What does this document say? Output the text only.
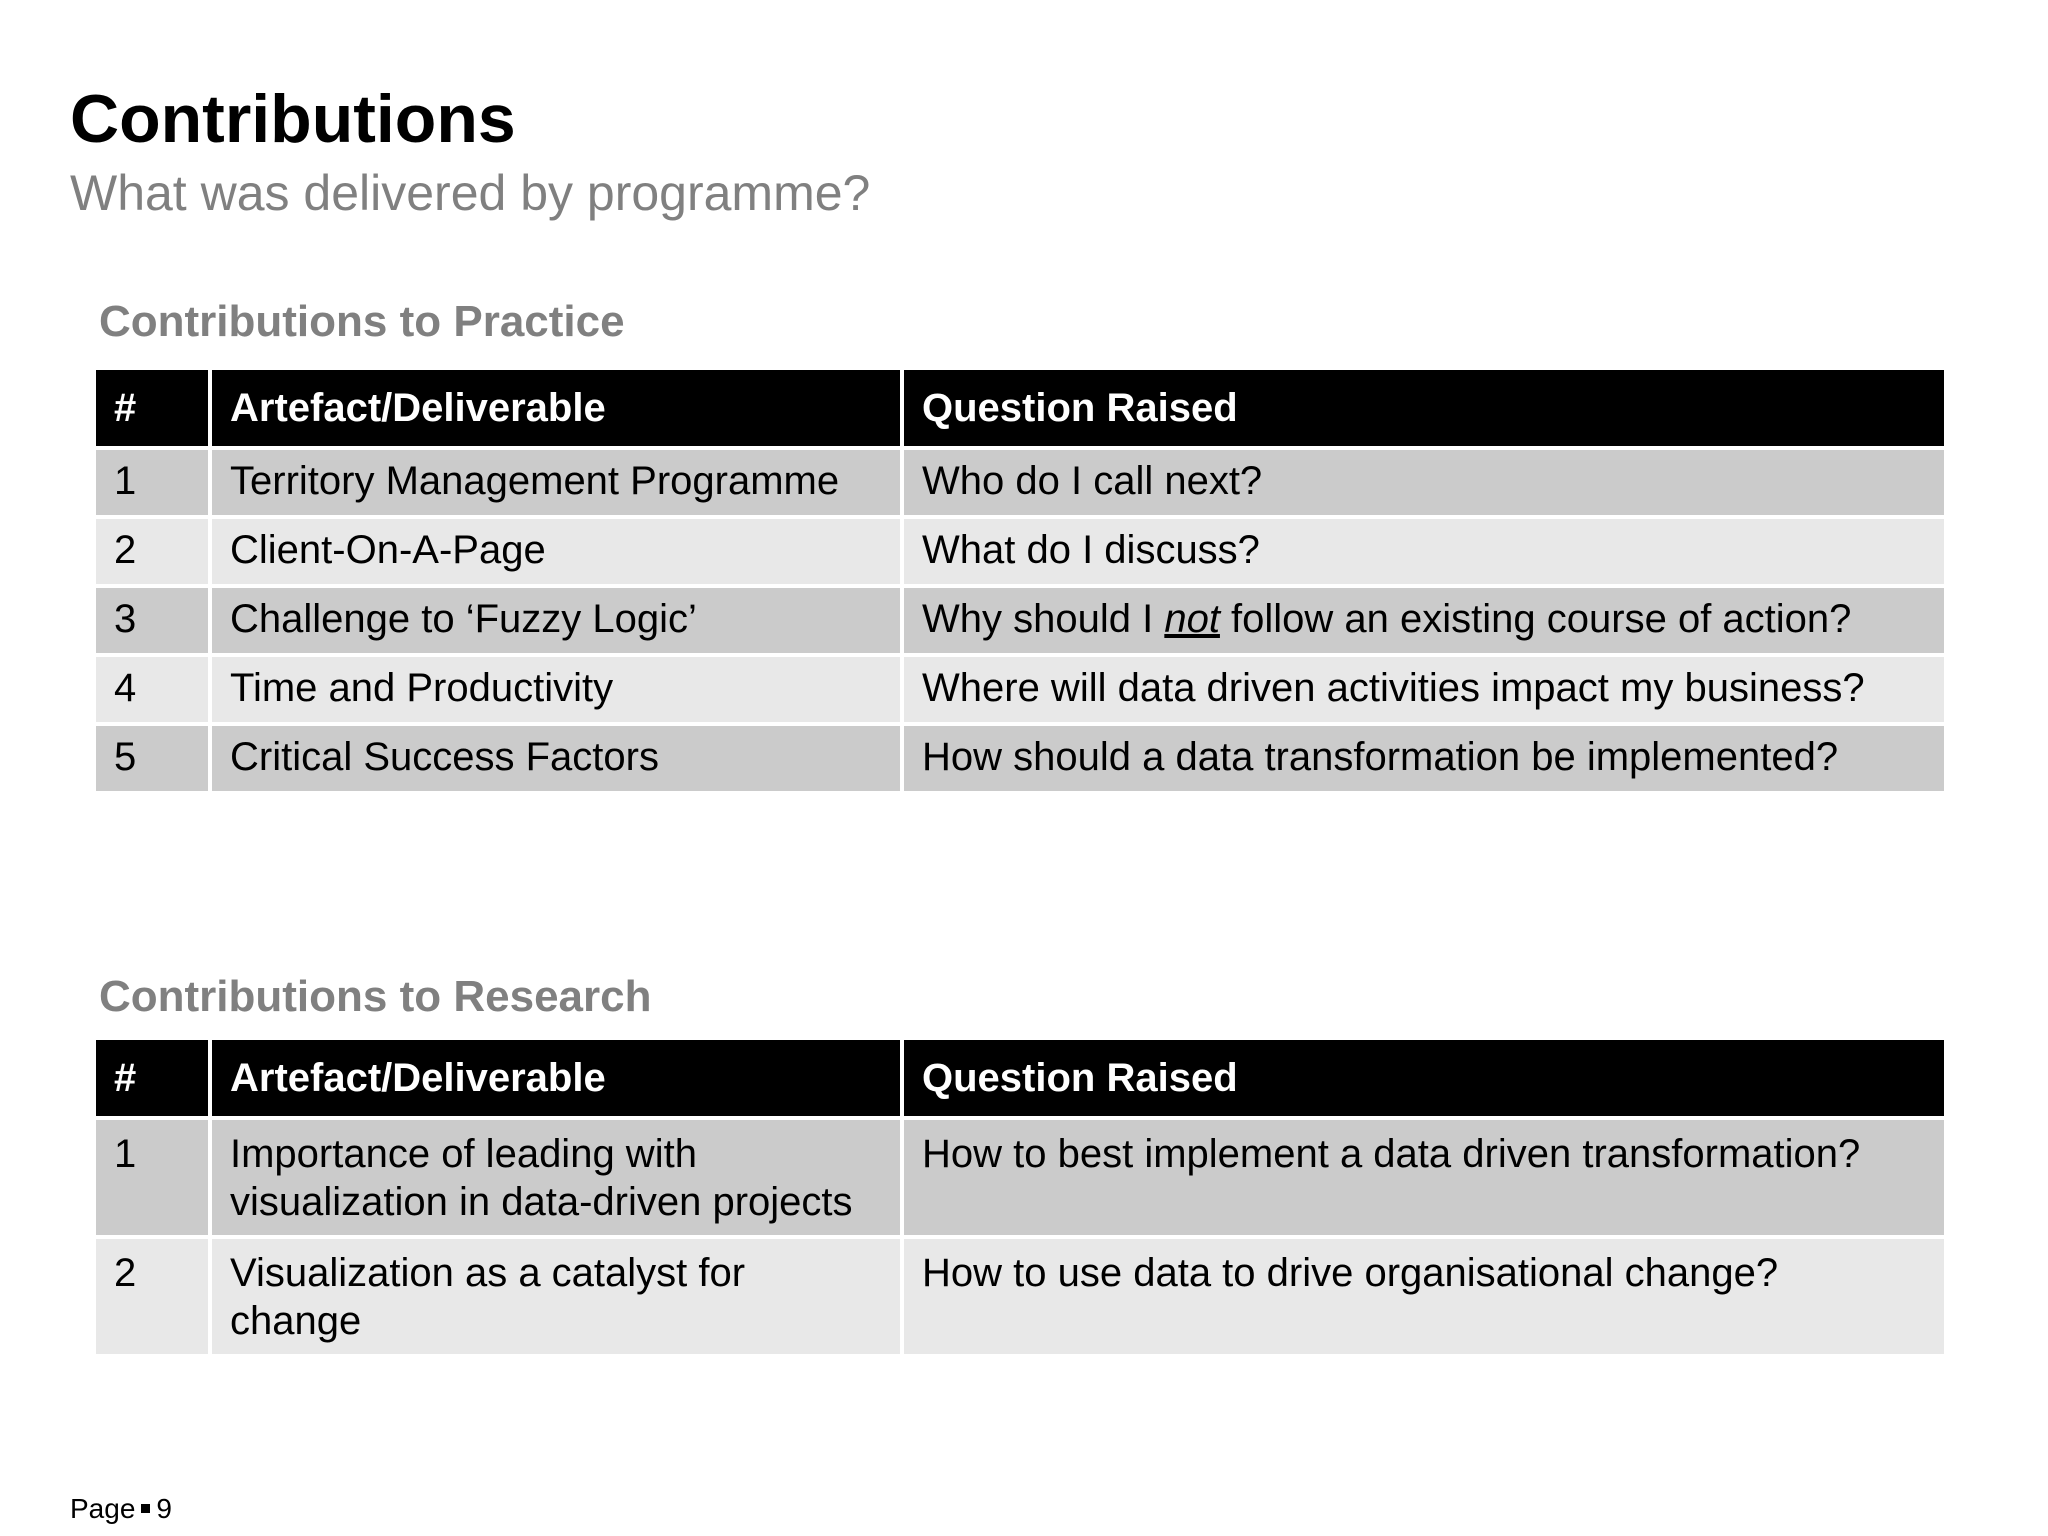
Contributions
What was delivered by programme?
Contributions to Practice
#	Artefact/Deliverable	Question Raised
1	Territory Management Programme	Who do I call next?
2	Client-On-A-Page	What do I discuss?
3	Challenge to ‘Fuzzy Logic’	Why should I not follow an existing course of action?
4	Time and Productivity	Where will data driven activities impact my business?
5	Critical Success Factors	How should a data transformation be implemented?
Contributions to Research
#	Artefact/Deliverable	Question Raised
1	Importance of leading with visualization in data-driven projects	How to best implement a data driven transformation?
2	Visualization as a catalyst for change	How to use data to drive organisational change?
Page 9
